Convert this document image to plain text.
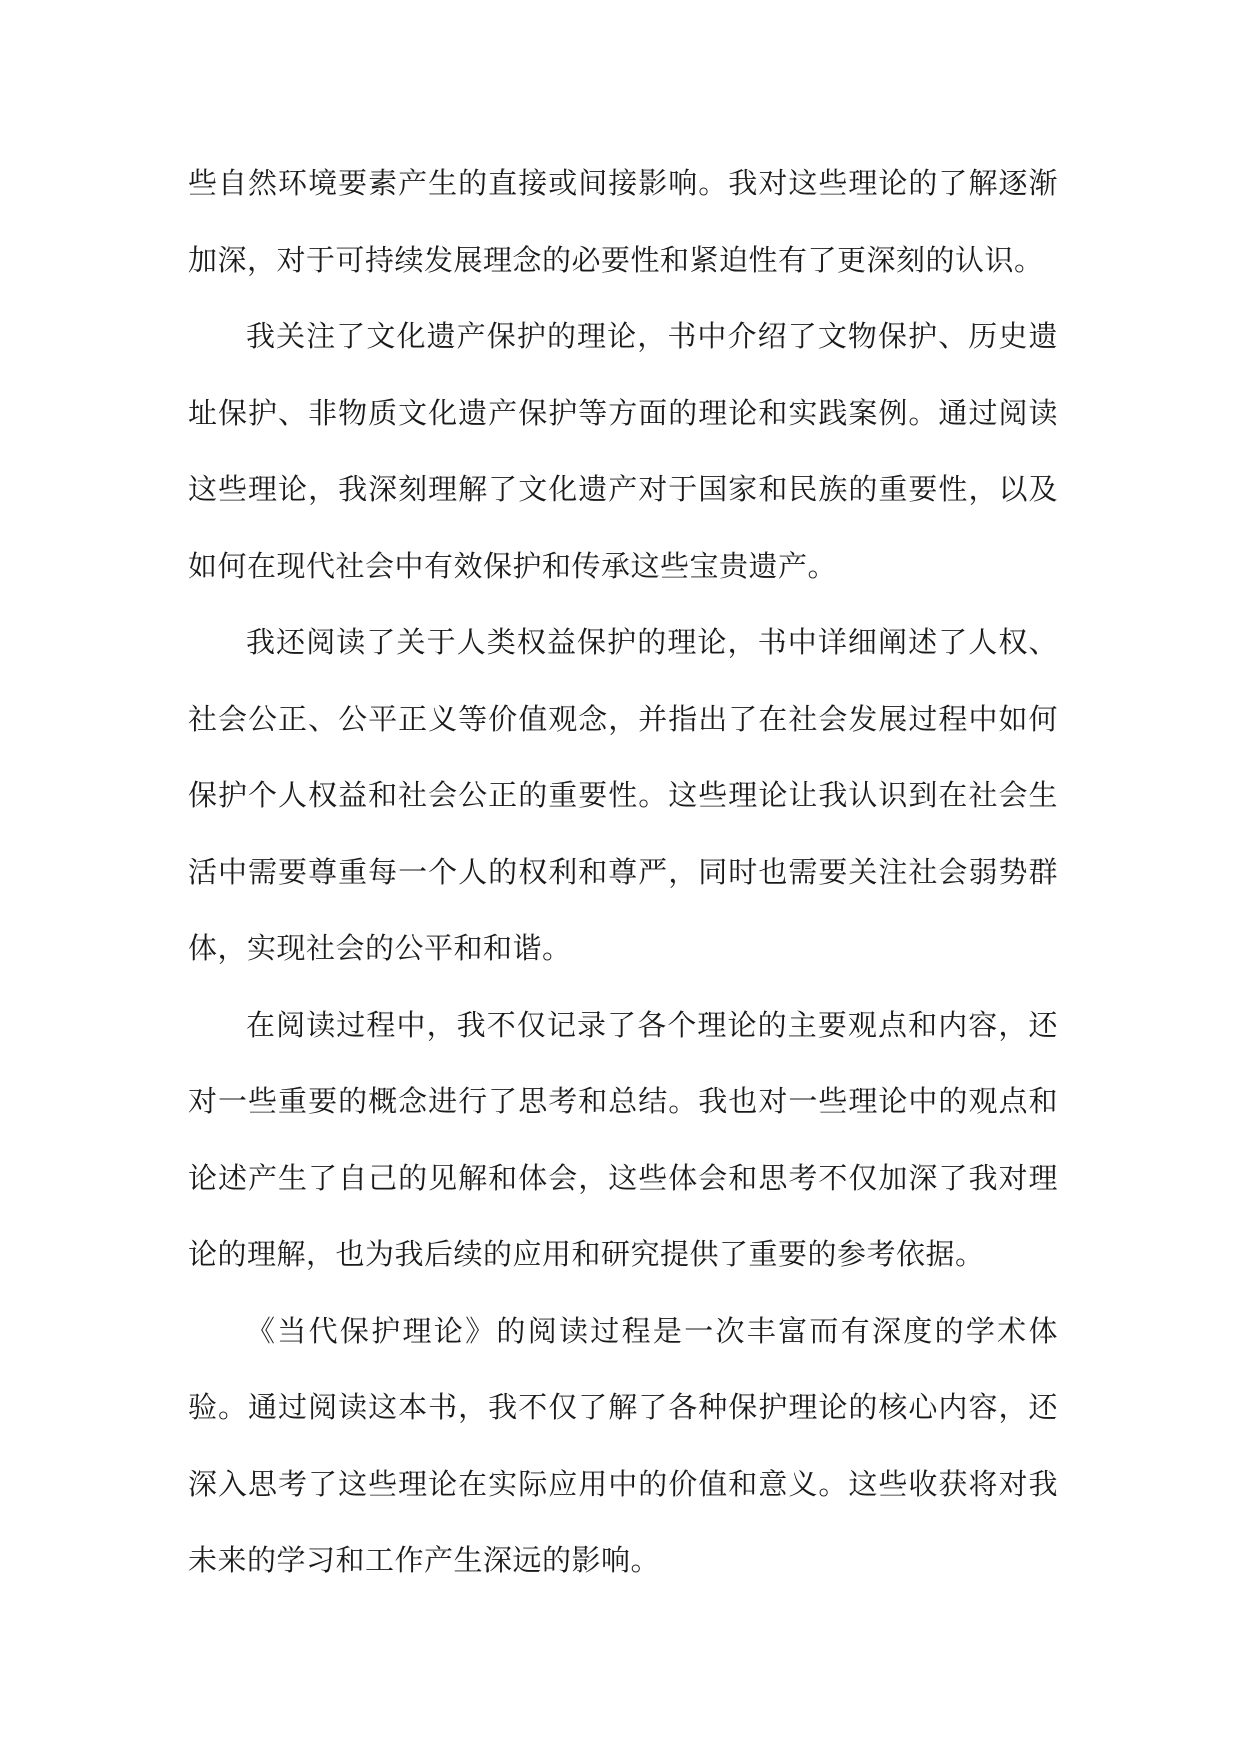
些自然环境要素产生的直接或间接影响。我对这些理论的了解逐渐加深，对于可持续发展理念的必要性和紧迫性有了更深刻的认识。

我关注了文化遗产保护的理论，书中介绍了文物保护、历史遗址保护、非物质文化遗产保护等方面的理论和实践案例。通过阅读这些理论，我深刻理解了文化遗产对于国家和民族的重要性，以及如何在现代社会中有效保护和传承这些宝贵遗产。

我还阅读了关于人类权益保护的理论，书中详细阐述了人权、社会公正、公平正义等价值观念，并指出了在社会发展过程中如何保护个人权益和社会公正的重要性。这些理论让我认识到在社会生活中需要尊重每一个人的权利和尊严，同时也需要关注社会弱势群体，实现社会的公平和和谐。

在阅读过程中，我不仅记录了各个理论的主要观点和内容，还对一些重要的概念进行了思考和总结。我也对一些理论中的观点和论述产生了自己的见解和体会，这些体会和思考不仅加深了我对理论的理解，也为我后续的应用和研究提供了重要的参考依据。

《当代保护理论》的阅读过程是一次丰富而有深度的学术体验。通过阅读这本书，我不仅了解了各种保护理论的核心内容，还深入思考了这些理论在实际应用中的价值和意义。这些收获将对我未来的学习和工作产生深远的影响。
